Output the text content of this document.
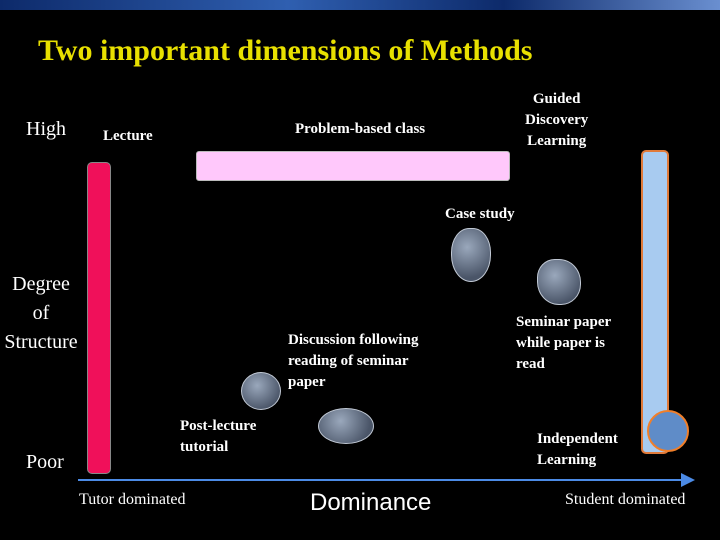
Two important dimensions of Methods
High
Degree
of
Structure
Poor
Lecture	Problem-based class
Guided
Discovery
Learning
Case study
Seminar paper
while paper is
read
Discussion following
reading of seminar
paper
Post-lecture
tutorial	Independent
Learning
Tutor dominated	Dominance	Student dominated
